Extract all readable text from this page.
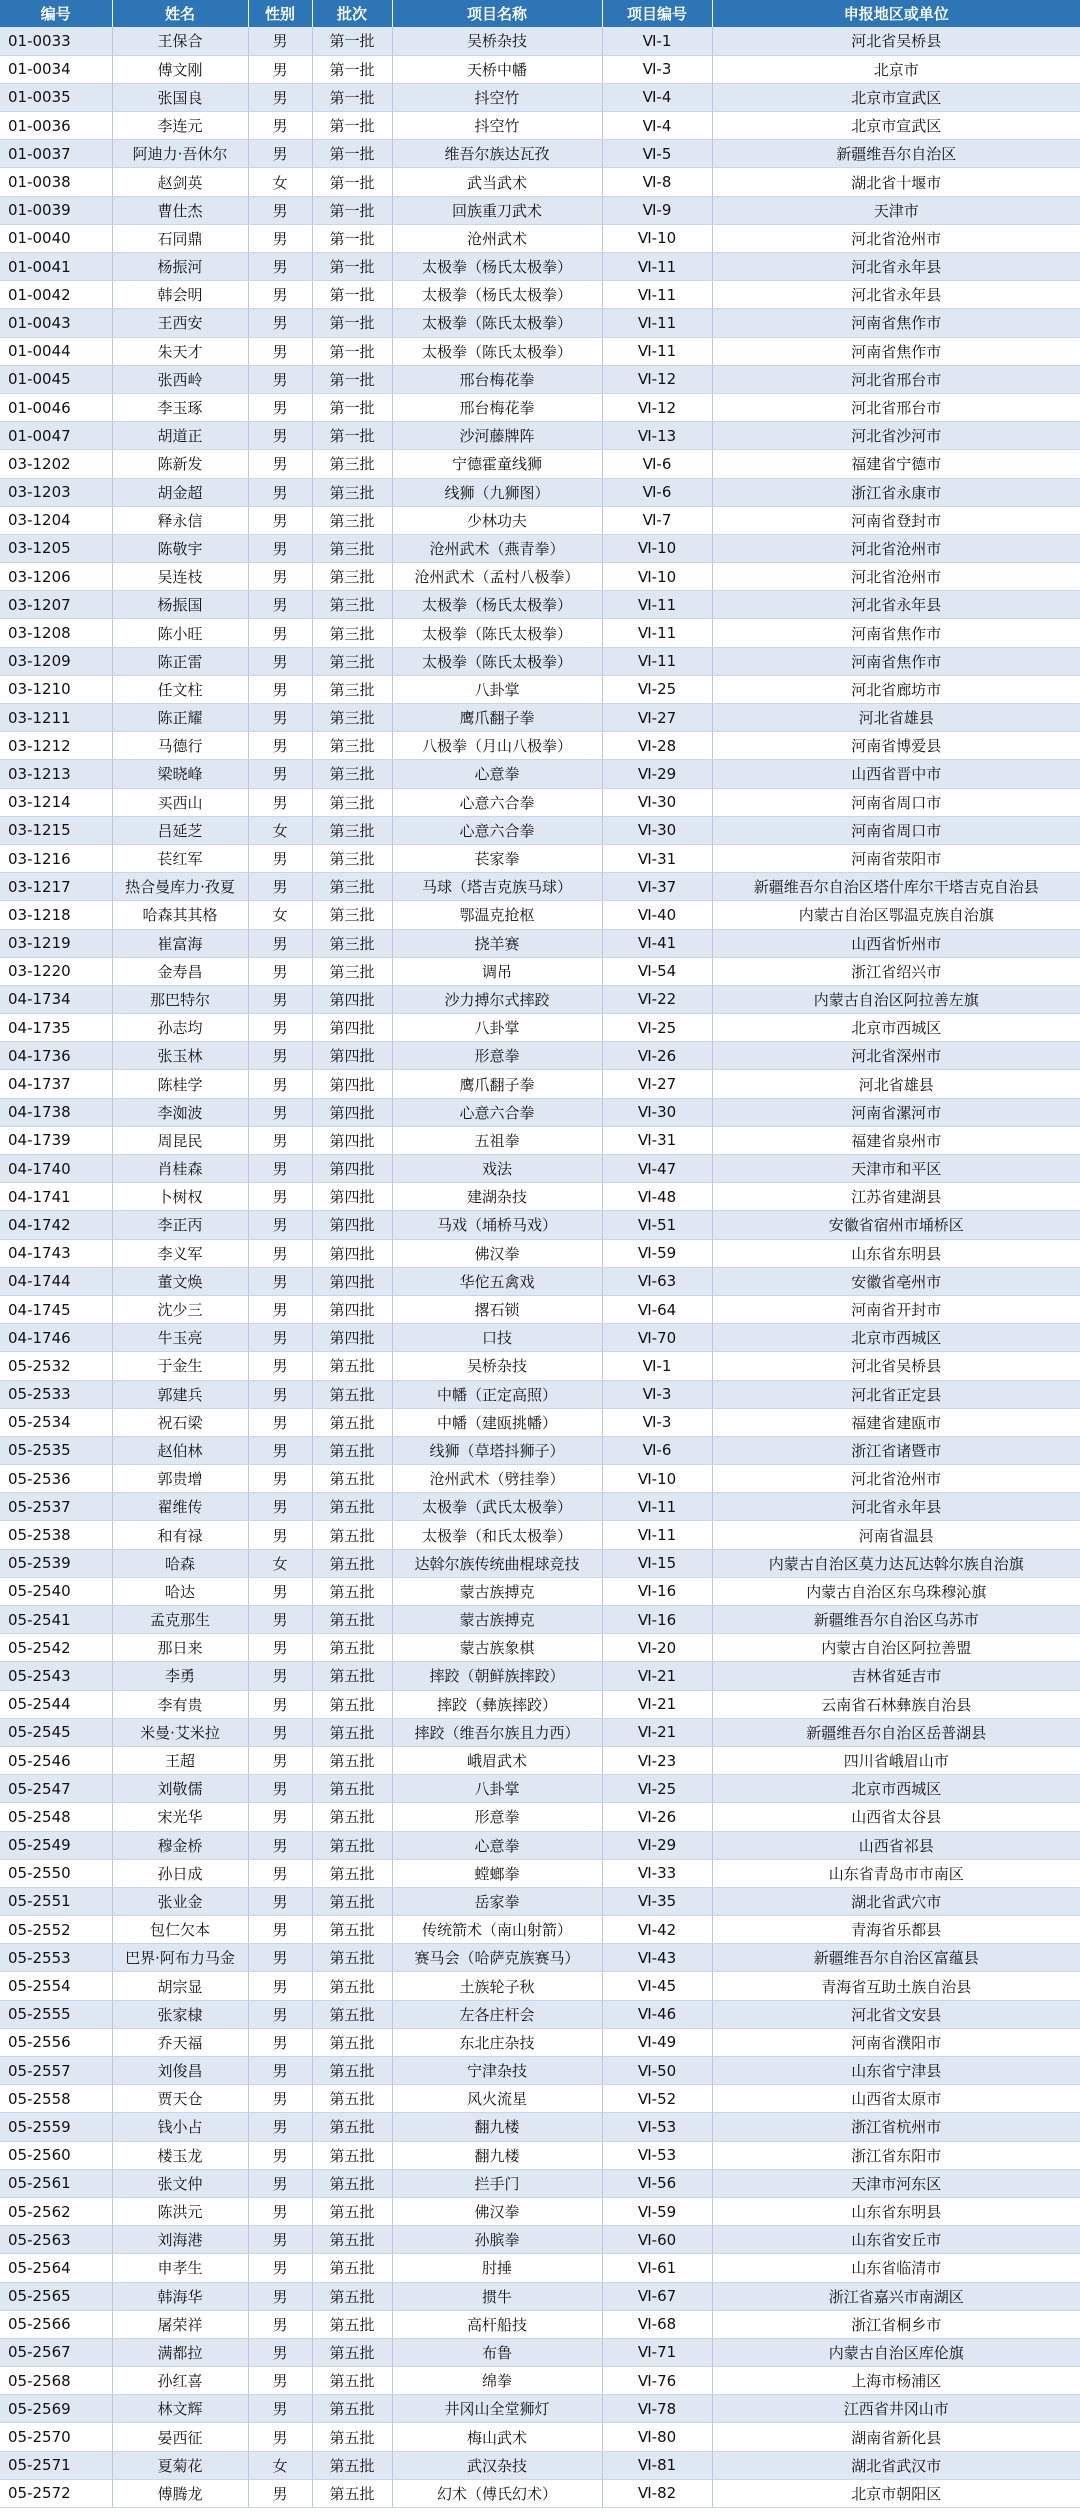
编号	姓名	性别	批次	项目名称	项目编号	申报地区或单位
01-0033	王保合	男	第一批	吴桥杂技	Ⅵ-1	河北省吴桥县
01-0034	傅文刚	男	第一批	天桥中幡	Ⅵ-3	北京市
01-0035	张国良	男	第一批	抖空竹	Ⅵ-4	北京市宣武区
01-0036	李连元	男	第一批	抖空竹	Ⅵ-4	北京市宣武区
01-0037	阿迪力·吾休尔	男	第一批	维吾尔族达瓦孜	Ⅵ-5	新疆维吾尔自治区
01-0038	赵剑英	女	第一批	武当武术	Ⅵ-8	湖北省十堰市
01-0039	曹仕杰	男	第一批	回族重刀武术	Ⅵ-9	天津市
01-0040	石同鼎	男	第一批	沧州武术	Ⅵ-10	河北省沧州市
01-0041	杨振河	男	第一批	太极拳（杨氏太极拳）	Ⅵ-11	河北省永年县
01-0042	韩会明	男	第一批	太极拳（杨氏太极拳）	Ⅵ-11	河北省永年县
01-0043	王西安	男	第一批	太极拳（陈氏太极拳）	Ⅵ-11	河南省焦作市
01-0044	朱天才	男	第一批	太极拳（陈氏太极拳）	Ⅵ-11	河南省焦作市
01-0045	张西岭	男	第一批	邢台梅花拳	Ⅵ-12	河北省邢台市
01-0046	李玉琢	男	第一批	邢台梅花拳	Ⅵ-12	河北省邢台市
01-0047	胡道正	男	第一批	沙河藤牌阵	Ⅵ-13	河北省沙河市
03-1202	陈新发	男	第三批	宁德霍童线狮	Ⅵ-6	福建省宁德市
03-1203	胡金超	男	第三批	线狮（九狮图）	Ⅵ-6	浙江省永康市
03-1204	释永信	男	第三批	少林功夫	Ⅵ-7	河南省登封市
03-1205	陈敬宇	男	第三批	沧州武术（燕青拳）	Ⅵ-10	河北省沧州市
03-1206	吴连枝	男	第三批	沧州武术（孟村八极拳）	Ⅵ-10	河北省沧州市
03-1207	杨振国	男	第三批	太极拳（杨氏太极拳）	Ⅵ-11	河北省永年县
03-1208	陈小旺	男	第三批	太极拳（陈氏太极拳）	Ⅵ-11	河南省焦作市
03-1209	陈正雷	男	第三批	太极拳（陈氏太极拳）	Ⅵ-11	河南省焦作市
03-1210	任文柱	男	第三批	八卦掌	Ⅵ-25	河北省廊坊市
03-1211	陈正耀	男	第三批	鹰爪翻子拳	Ⅵ-27	河北省雄县
03-1212	马德行	男	第三批	八极拳（月山八极拳）	Ⅵ-28	河南省博爱县
03-1213	梁晓峰	男	第三批	心意拳	Ⅵ-29	山西省晋中市
03-1214	买西山	男	第三批	心意六合拳	Ⅵ-30	河南省周口市
03-1215	吕延芝	女	第三批	心意六合拳	Ⅵ-30	河南省周口市
03-1216	苌红军	男	第三批	苌家拳	Ⅵ-31	河南省荥阳市
03-1217	热合曼库力·孜夏	男	第三批	马球（塔吉克族马球）	Ⅵ-37	新疆维吾尔自治区塔什库尔干塔吉克自治县
03-1218	哈森其其格	女	第三批	鄂温克抢枢	Ⅵ-40	内蒙古自治区鄂温克族自治旗
03-1219	崔富海	男	第三批	挠羊赛	Ⅵ-41	山西省忻州市
03-1220	金寿昌	男	第三批	调吊	Ⅵ-54	浙江省绍兴市
04-1734	那巴特尔	男	第四批	沙力搏尔式摔跤	Ⅵ-22	内蒙古自治区阿拉善左旗
04-1735	孙志均	男	第四批	八卦掌	Ⅵ-25	北京市西城区
04-1736	张玉林	男	第四批	形意拳	Ⅵ-26	河北省深州市
04-1737	陈桂学	男	第四批	鹰爪翻子拳	Ⅵ-27	河北省雄县
04-1738	李洳波	男	第四批	心意六合拳	Ⅵ-30	河南省漯河市
04-1739	周昆民	男	第四批	五祖拳	Ⅵ-31	福建省泉州市
04-1740	肖桂森	男	第四批	戏法	Ⅵ-47	天津市和平区
04-1741	卜树权	男	第四批	建湖杂技	Ⅵ-48	江苏省建湖县
04-1742	李正丙	男	第四批	马戏（埇桥马戏）	Ⅵ-51	安徽省宿州市埇桥区
04-1743	李义军	男	第四批	佛汉拳	Ⅵ-59	山东省东明县
04-1744	董文焕	男	第四批	华佗五禽戏	Ⅵ-63	安徽省亳州市
04-1745	沈少三	男	第四批	撂石锁	Ⅵ-64	河南省开封市
04-1746	牛玉亮	男	第四批	口技	Ⅵ-70	北京市西城区
05-2532	于金生	男	第五批	吴桥杂技	Ⅵ-1	河北省吴桥县
05-2533	郭建兵	男	第五批	中幡（正定高照）	Ⅵ-3	河北省正定县
05-2534	祝石梁	男	第五批	中幡（建瓯挑幡）	Ⅵ-3	福建省建瓯市
05-2535	赵伯林	男	第五批	线狮（草塔抖狮子）	Ⅵ-6	浙江省诸暨市
05-2536	郭贵增	男	第五批	沧州武术（劈挂拳）	Ⅵ-10	河北省沧州市
05-2537	翟维传	男	第五批	太极拳（武氏太极拳）	Ⅵ-11	河北省永年县
05-2538	和有禄	男	第五批	太极拳（和氏太极拳）	Ⅵ-11	河南省温县
05-2539	哈森	女	第五批	达斡尔族传统曲棍球竞技	Ⅵ-15	内蒙古自治区莫力达瓦达斡尔族自治旗
05-2540	哈达	男	第五批	蒙古族搏克	Ⅵ-16	内蒙古自治区东乌珠穆沁旗
05-2541	孟克那生	男	第五批	蒙古族搏克	Ⅵ-16	新疆维吾尔自治区乌苏市
05-2542	那日来	男	第五批	蒙古族象棋	Ⅵ-20	内蒙古自治区阿拉善盟
05-2543	李勇	男	第五批	摔跤（朝鲜族摔跤）	Ⅵ-21	吉林省延吉市
05-2544	李有贵	男	第五批	摔跤（彝族摔跤）	Ⅵ-21	云南省石林彝族自治县
05-2545	米曼·艾米拉	男	第五批	摔跤（维吾尔族且力西）	Ⅵ-21	新疆维吾尔自治区岳普湖县
05-2546	王超	男	第五批	峨眉武术	Ⅵ-23	四川省峨眉山市
05-2547	刘敬儒	男	第五批	八卦掌	Ⅵ-25	北京市西城区
05-2548	宋光华	男	第五批	形意拳	Ⅵ-26	山西省太谷县
05-2549	穆金桥	男	第五批	心意拳	Ⅵ-29	山西省祁县
05-2550	孙日成	男	第五批	螳螂拳	Ⅵ-33	山东省青岛市市南区
05-2551	张业金	男	第五批	岳家拳	Ⅵ-35	湖北省武穴市
05-2552	包仁欠本	男	第五批	传统箭术（南山射箭）	Ⅵ-42	青海省乐都县
05-2553	巴界·阿布力马金	男	第五批	赛马会（哈萨克族赛马）	Ⅵ-43	新疆维吾尔自治区富蕴县
05-2554	胡宗显	男	第五批	土族轮子秋	Ⅵ-45	青海省互助土族自治县
05-2555	张家棣	男	第五批	左各庄杆会	Ⅵ-46	河北省文安县
05-2556	乔天福	男	第五批	东北庄杂技	Ⅵ-49	河南省濮阳市
05-2557	刘俊昌	男	第五批	宁津杂技	Ⅵ-50	山东省宁津县
05-2558	贾天仓	男	第五批	风火流星	Ⅵ-52	山西省太原市
05-2559	钱小占	男	第五批	翻九楼	Ⅵ-53	浙江省杭州市
05-2560	楼玉龙	男	第五批	翻九楼	Ⅵ-53	浙江省东阳市
05-2561	张文仲	男	第五批	拦手门	Ⅵ-56	天津市河东区
05-2562	陈洪元	男	第五批	佛汉拳	Ⅵ-59	山东省东明县
05-2563	刘海港	男	第五批	孙膑拳	Ⅵ-60	山东省安丘市
05-2564	申孝生	男	第五批	肘捶	Ⅵ-61	山东省临清市
05-2565	韩海华	男	第五批	掼牛	Ⅵ-67	浙江省嘉兴市南湖区
05-2566	屠荣祥	男	第五批	高杆船技	Ⅵ-68	浙江省桐乡市
05-2567	满都拉	男	第五批	布鲁	Ⅵ-71	内蒙古自治区库伦旗
05-2568	孙红喜	男	第五批	绵拳	Ⅵ-76	上海市杨浦区
05-2569	林文辉	男	第五批	井冈山全堂狮灯	Ⅵ-78	江西省井冈山市
05-2570	晏西征	男	第五批	梅山武术	Ⅵ-80	湖南省新化县
05-2571	夏菊花	女	第五批	武汉杂技	Ⅵ-81	湖北省武汉市
05-2572	傅腾龙	男	第五批	幻术（傅氏幻术）	Ⅵ-82	北京市朝阳区
